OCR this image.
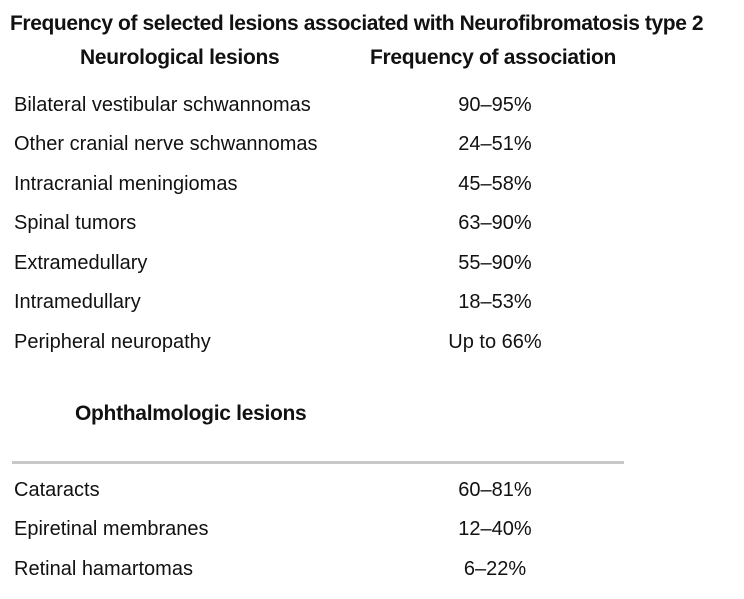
Frequency of selected lesions associated with Neurofibromatosis type 2
Neurological lesions	Frequency of association
Bilateral vestibular schwannomas	90–95%
Other cranial nerve schwannomas	24–51%
Intracranial meningiomas	45–58%
Spinal tumors	63–90%
Extramedullary	55–90%
Intramedullary	18–53%
Peripheral neuropathy	Up to 66%
Ophthalmologic lesions
Cataracts	60–81%
Epiretinal membranes	12–40%
Retinal hamartomas	6–22%
